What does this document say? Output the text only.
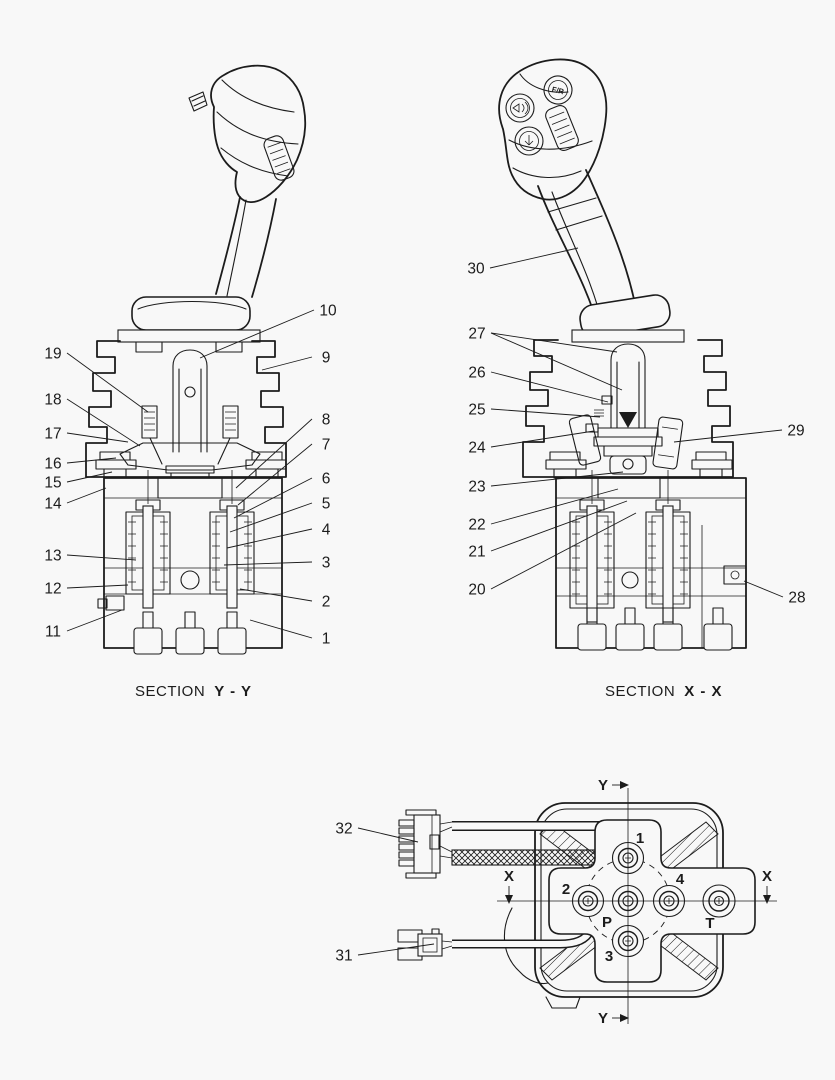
F/R
1
2
P
4
T
3
X	X
Y
Y
SECTION Y - Y	SECTION X - X
1
2
3
4
5
6
7
8
9
10
11
12
13
14
15
16
17
18
19
20
21
22
23
24
25
26
27
28
29
30
31
32
